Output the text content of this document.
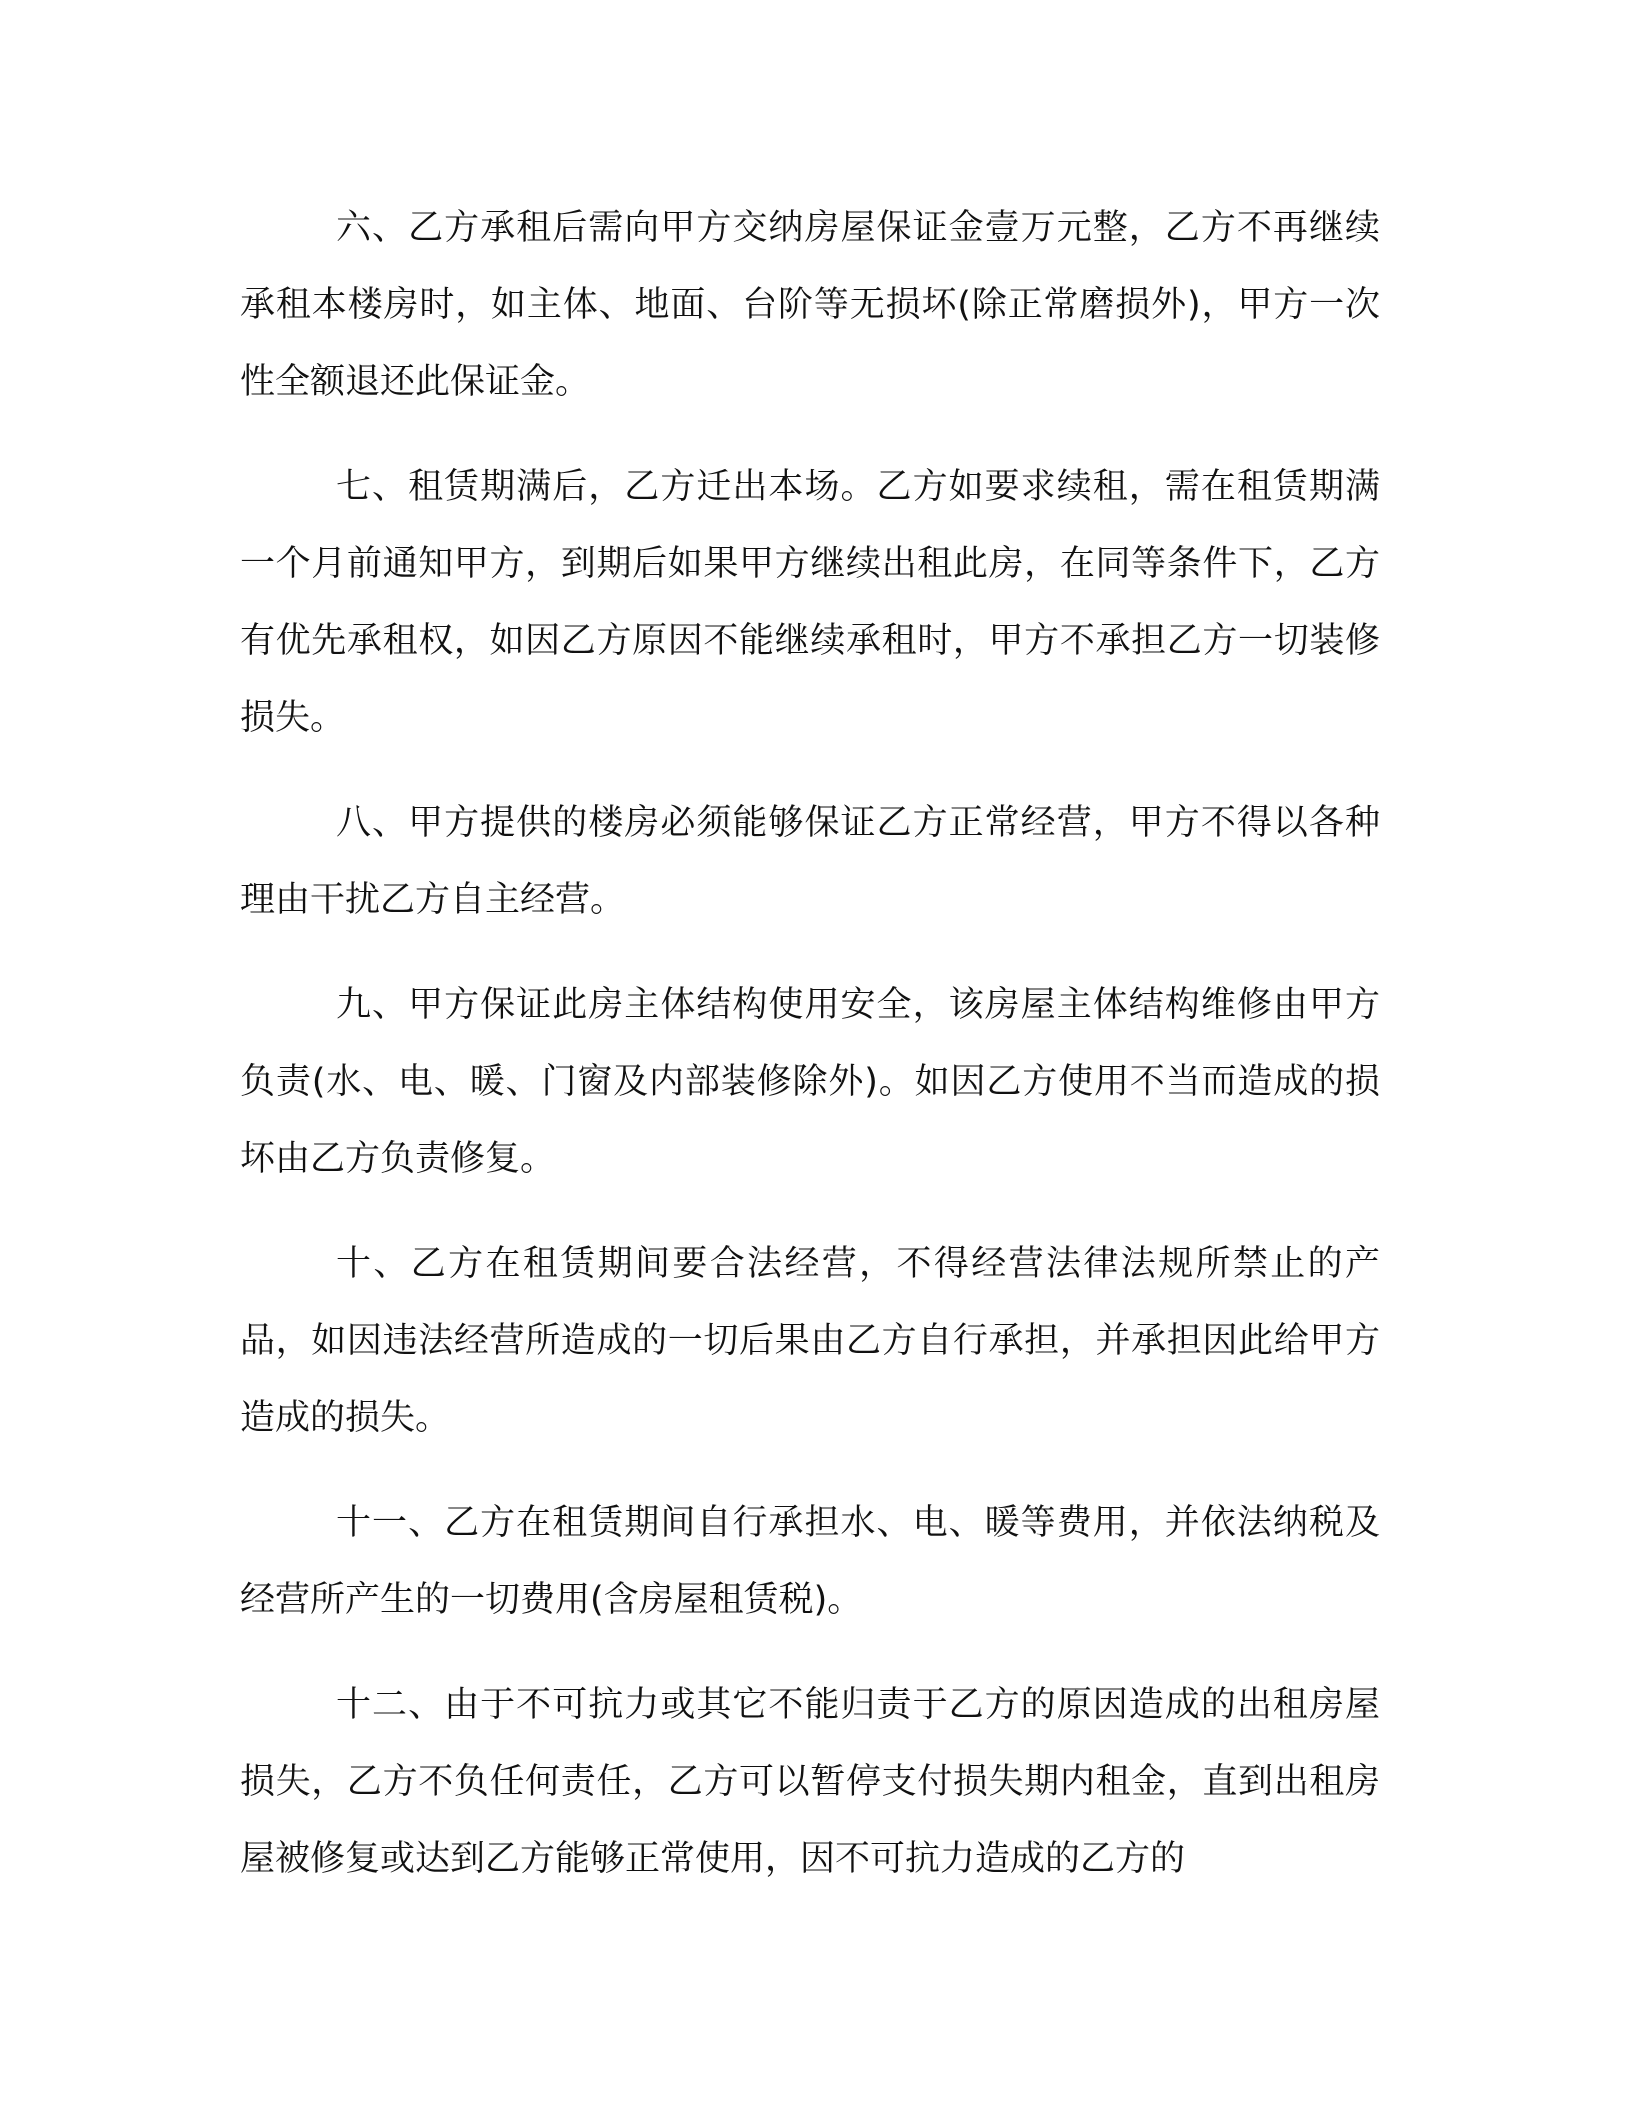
六、乙方承租后需向甲方交纳房屋保证金壹万元整，乙方不再继续承租本楼房时，如主体、地面、台阶等无损坏(除正常磨损外)，甲方一次性全额退还此保证金。

七、租赁期满后，乙方迁出本场。乙方如要求续租，需在租赁期满一个月前通知甲方，到期后如果甲方继续出租此房，在同等条件下，乙方有优先承租权，如因乙方原因不能继续承租时，甲方不承担乙方一切装修损失。

八、甲方提供的楼房必须能够保证乙方正常经营，甲方不得以各种理由干扰乙方自主经营。

九、甲方保证此房主体结构使用安全，该房屋主体结构维修由甲方负责(水、电、暖、门窗及内部装修除外)。如因乙方使用不当而造成的损坏由乙方负责修复。

十、乙方在租赁期间要合法经营，不得经营法律法规所禁止的产品，如因违法经营所造成的一切后果由乙方自行承担，并承担因此给甲方造成的损失。

十一、乙方在租赁期间自行承担水、电、暖等费用，并依法纳税及经营所产生的一切费用(含房屋租赁税)。

十二、由于不可抗力或其它不能归责于乙方的原因造成的出租房屋损失，乙方不负任何责任，乙方可以暂停支付损失期内租金，直到出租房屋被修复或达到乙方能够正常使用，因不可抗力造成的乙方的
